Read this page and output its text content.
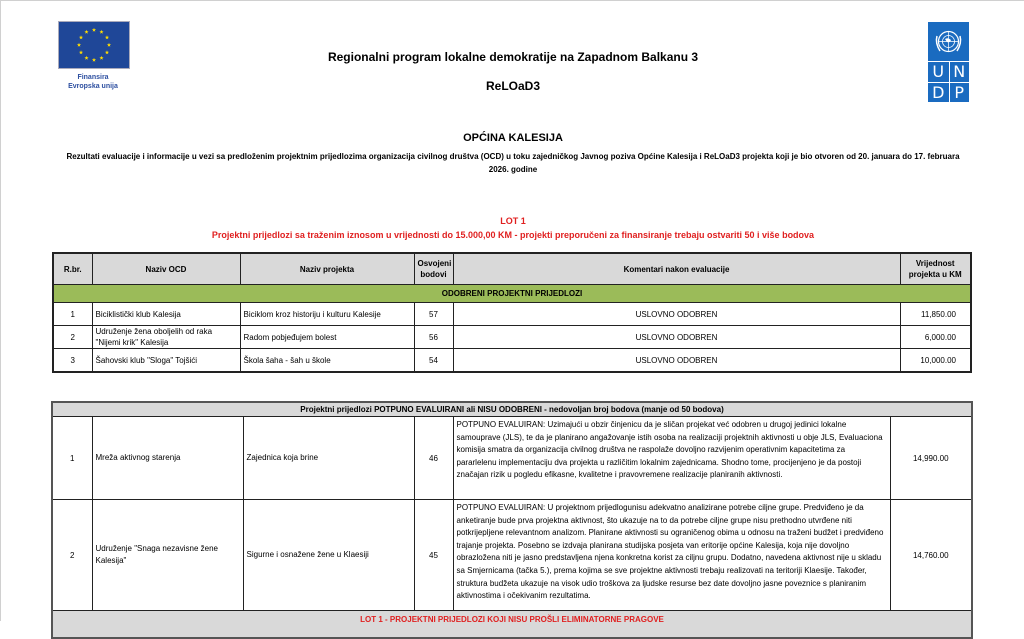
Finansira
Evropska unija
Regionalni program lokalne demokratije na Zapadnom Balkanu 3
ReLOaD3
U N
D P
OPĆINA KALESIJA
Rezultati evaluacije i informacije u vezi sa predloženim projektnim prijedlozima organizacija civilnog društva (OCD) u toku zajedničkog Javnog poziva Općine Kalesija i ReLOaD3 projekta koji je bio otvoren od 20. januara do 17. februara 2026. godine
LOT 1
Projektni prijedlozi sa traženim iznosom u vrijednosti do 15.000,00 KM - projekti preporučeni za finansiranje trebaju ostvariti 50 i više bodova
R.br.	Naziv OCD	Naziv projekta	Osvojeni bodovi	Komentari nakon evaluacije	Vrijednost projekta u KM
ODOBRENI PROJEKTNI PRIJEDLOZI					
1	Biciklistički klub Kalesija	Biciklom kroz historiju i kulturu Kalesije	57	USLOVNO ODOBREN	11,850.00
2	Udruženje žena oboljelih od raka "Nijemi krik" Kalesija	Radom pobjeđujem bolest	56	USLOVNO ODOBREN	6,000.00
3	Šahovski klub "Sloga" Tojšići	Škola šaha - šah u škole	54	USLOVNO ODOBREN	10,000.00
Projektni prijedlozi POTPUNO EVALUIRANI ali NISU ODOBRENI - nedovoljan broj bodova (manje od 50 bodova)					
1	Mreža aktivnog starenja	Zajednica koja brine	46	POTPUNO EVALUIRAN: Uzimajući u obzir činjenicu da je sličan projekat već odobren u drugoj jedinici lokalne samouprave (JLS), te da je planirano angažovanje istih osoba na realizaciji projektnih aktivnosti u obje JLS, Evaluaciona komisija smatra da organizacija civilnog društva ne raspolaže dovoljno razvijenim operativnim kapacitetima za pararlelenu implementaciju dva projekta u različitim lokalnim zajednicama. Shodno tome, procijenjeno je da postoji značajan rizik u pogledu efikasne, kvalitetne i pravovremene realizacije planiranih aktivnosti.	14,990.00
2	Udruženje "Snaga nezavisne žene Kalesija"	Sigurne i osnažene žene u Klaesiji	45	POTPUNO EVALUIRAN: U projektnom prijedlogunisu adekvatno analizirane potrebe ciljne grupe. Predviđeno je da anketiranje bude prva projektna aktivnost, što ukazuje na to da potrebe ciljne grupe nisu prethodno utvrđene niti potkrijepljene relevantnom analizom. Planirane aktivnosti su ograničenog obima u odnosu na traženi budžet i predviđeno trajanje projekta. Posebno se izdvaja planirana studijska posjeta van eritorije općine Kalesija, koja nije dovoljno obrazložena niti je jasno predstavljena njena konkretna korist za ciljnu grupu. Dodatno, navedena aktivnost nije u skladu sa Smjernicama (tačka 5.), prema kojima se sve projektne aktivnosti trebaju realizovati na teritoriji Klaesije. Također, struktura budžeta ukazuje na visok udio troškova za ljudske resurse bez date dovoljno jasne poveznice s planiranim aktivnostima i očekivanim rezultatima.	14,760.00
LOT 1 - PROJEKTNI PRIJEDLOZI KOJI NISU PROŠLI ELIMINATORNE PRAGOVE					
